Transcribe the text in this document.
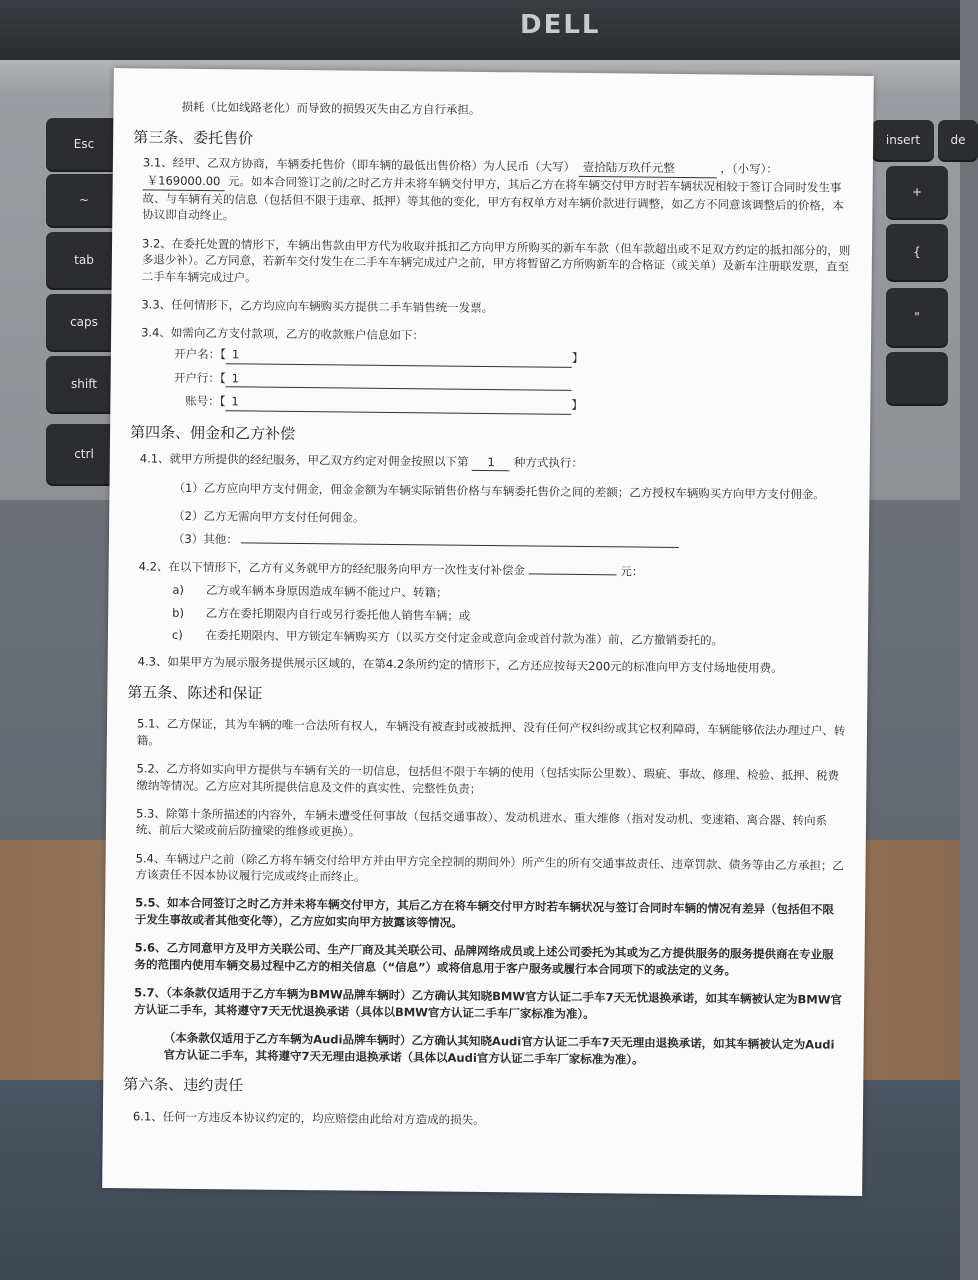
DELL
Esc
~
tab
caps
shift
ctrl
insert	de
+
{
"

损耗（比如线路老化）而导致的损毁灭失由乙方自行承担。

第三条、委托售价

3.1、经甲、乙双方协商，车辆委托售价（即车辆的最低出售价格）为人民币（大写） 壹拾陆万玖仟元整	，（小写）： ￥169000.00 元。如本合同签订之前/之时乙方并未将车辆交付甲方，其后乙方在将车辆交付甲方时若车辆状况相较于签订合同时发生事故、与车辆有关的信息（包括但不限于违章、抵押）等其他的变化，甲方有权单方对车辆价款进行调整，如乙方不同意该调整后的价格，本协议即自动终止。

3.2、在委托处置的情形下，车辆出售款由甲方代为收取并抵扣乙方向甲方所购买的新车车款（但车款超出或不足双方约定的抵扣部分的，则多退少补）。乙方同意，若新车交付发生在二手车车辆完成过户之前，甲方将暂留乙方所购新车的合格证（或关单）及新车注册联发票，直至二手车车辆完成过户。

3.3、任何情形下，乙方均应向车辆购买方提供二手车销售统一发票。

3.4、如需向乙方支付款项，乙方的收款账户信息如下：

开户名：【 1	】
开户行：【 1
账号：【 1	】

第四条、佣金和乙方补偿

4.1、就甲方所提供的经纪服务，甲乙双方约定对佣金按照以下第 1 种方式执行：

（1）乙方应向甲方支付佣金，佣金金额为车辆实际销售价格与车辆委托售价之间的差额；乙方授权车辆购买方向甲方支付佣金。

（2）乙方无需向甲方支付任何佣金。

（3）其他：
4.2、在以下情形下，乙方有义务就甲方的经纪服务向甲方一次性支付补偿金	元：
a) 乙方或车辆本身原因造成车辆不能过户、转籍；
b) 乙方在委托期限内自行或另行委托他人销售车辆；或
c) 在委托期限内、甲方锁定车辆购买方（以买方交付定金或意向金或首付款为准）前，乙方撤销委托的。

4.3、如果甲方为展示服务提供展示区域的，在第4.2条所约定的情形下，乙方还应按每天200元的标准向甲方支付场地使用费。

第五条、陈述和保证

5.1、乙方保证，其为车辆的唯一合法所有权人，车辆没有被查封或被抵押、没有任何产权纠纷或其它权利障碍，车辆能够依法办理过户、转籍。

5.2、乙方将如实向甲方提供与车辆有关的一切信息，包括但不限于车辆的使用（包括实际公里数）、瑕疵、事故、修理、检验、抵押、税费缴纳等情况。乙方应对其所提供信息及文件的真实性、完整性负责；

5.3、除第十条所描述的内容外，车辆未遭受任何事故（包括交通事故）、发动机进水、重大维修（指对发动机、变速箱、离合器、转向系统、前后大梁或前后防撞梁的维修或更换）。

5.4、车辆过户之前（除乙方将车辆交付给甲方并由甲方完全控制的期间外）所产生的所有交通事故责任、违章罚款、债务等由乙方承担；乙方该责任不因本协议履行完成或终止而终止。

5.5、如本合同签订之时乙方并未将车辆交付甲方，其后乙方在将车辆交付甲方时若车辆状况与签订合同时车辆的情况有差异（包括但不限于发生事故或者其他变化等），乙方应如实向甲方披露该等情况。

5.6、乙方同意甲方及甲方关联公司、生产厂商及其关联公司、品牌网络成员或上述公司委托为其或为乙方提供服务的服务提供商在专业服务的范围内使用车辆交易过程中乙方的相关信息（“信息”）或将信息用于客户服务或履行本合同项下的或法定的义务。

5.7、（本条款仅适用于乙方车辆为BMW品牌车辆时）乙方确认其知晓BMW官方认证二手车7天无忧退换承诺，如其车辆被认定为BMW官方认证二手车，其将遵守7天无忧退换承诺（具体以BMW官方认证二手车厂家标准为准）。

（本条款仅适用于乙方车辆为Audi品牌车辆时）乙方确认其知晓Audi官方认证二手车7天无理由退换承诺，如其车辆被认定为Audi官方认证二手车，其将遵守7天无理由退换承诺（具体以Audi官方认证二手车厂家标准为准）。

第六条、违约责任

6.1、任何一方违反本协议约定的，均应赔偿由此给对方造成的损失。
